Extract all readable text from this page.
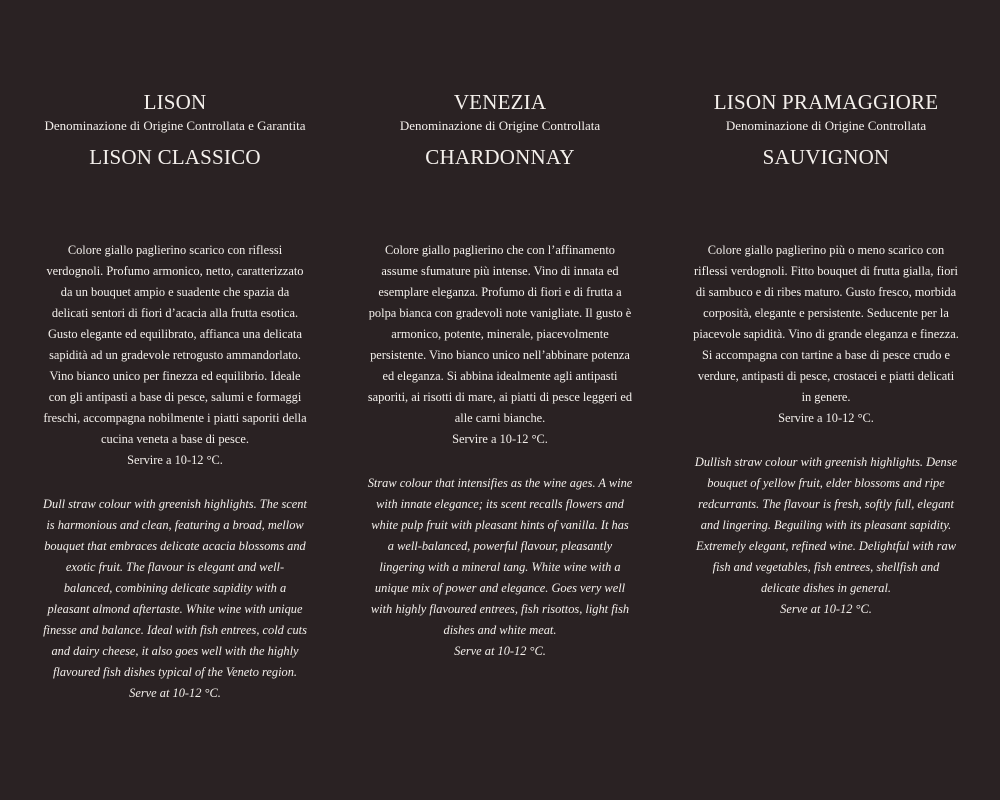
LISON
Denominazione di Origine Controllata e Garantita
LISON CLASSICO

Colore giallo paglierino scarico con riflessi verdognoli. Profumo armonico, netto, caratterizzato da un bouquet ampio e suadente che spazia da delicati sentori di fiori d’acacia alla frutta esotica. Gusto elegante ed equilibrato, affianca una delicata sapidità ad un gradevole retrogusto ammandorlato. Vino bianco unico per finezza ed equilibrio. Ideale con gli antipasti a base di pesce, salumi e formaggi freschi, accompagna nobilmente i piatti saporiti della cucina veneta a base di pesce.

Servire a 10-12 °C.

Dull straw colour with greenish highlights. The scent is harmonious and clean, featuring a broad, mellow bouquet that embraces delicate acacia blossoms and exotic fruit. The flavour is elegant and well-balanced, combining delicate sapidity with a pleasant almond aftertaste. White wine with unique finesse and balance. Ideal with fish entrees, cold cuts and dairy cheese, it also goes well with the highly flavoured fish dishes typical of the Veneto region.

Serve at 10-12 °C.

VENEZIA
Denominazione di Origine Controllata
CHARDONNAY

Colore giallo paglierino che con l’affinamento assume sfumature più intense. Vino di innata ed esemplare eleganza. Profumo di fiori e di frutta a polpa bianca con gradevoli note vanigliate. Il gusto è armonico, potente, minerale, piacevolmente persistente. Vino bianco unico nell’abbinare potenza ed eleganza. Si abbina idealmente agli antipasti saporiti, ai risotti di mare, ai piatti di pesce leggeri ed alle carni bianche.

Servire a 10-12 °C.

Straw colour that intensifies as the wine ages. A wine with innate elegance; its scent recalls flowers and white pulp fruit with pleasant hints of vanilla. It has a well-balanced, powerful flavour, pleasantly lingering with a mineral tang. White wine with a unique mix of power and elegance. Goes very well with highly flavoured entrees, fish risottos, light fish dishes and white meat.

Serve at 10-12 °C.

LISON PRAMAGGIORE
Denominazione di Origine Controllata
SAUVIGNON

Colore giallo paglierino più o meno scarico con riflessi verdognoli. Fitto bouquet di frutta gialla, fiori di sambuco e di ribes maturo. Gusto fresco, morbida corposità, elegante e persistente. Seducente per la piacevole sapidità. Vino di grande eleganza e finezza. Si accompagna con tartine a base di pesce crudo e verdure, antipasti di pesce, crostacei e piatti delicati in genere.

Servire a 10-12 °C.

Dullish straw colour with greenish highlights. Dense bouquet of yellow fruit, elder blossoms and ripe redcurrants. The flavour is fresh, softly full, elegant and lingering. Beguiling with its pleasant sapidity. Extremely elegant, refined wine. Delightful with raw fish and vegetables, fish entrees, shellfish and delicate dishes in general.

Serve at 10-12 °C.
